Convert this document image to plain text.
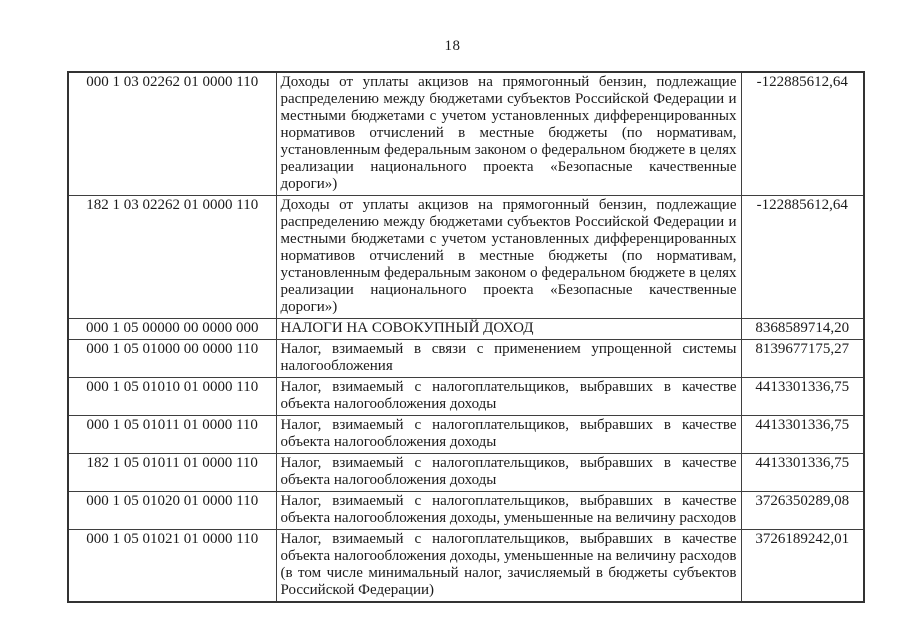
18
000 1 03 02262 01 0000 110	Доходы от уплаты акцизов на прямогонный бензин, подлежащие распределению между бюджетами субъектов Российской Федерации и местными бюджетами с учетом установленных дифференцированных нормативов отчислений в местные бюджеты (по нормативам, установленным федеральным законом о федеральном бюджете в целях реализации национального проекта «Безопасные качественные дороги»)	-122885612,64
182 1 03 02262 01 0000 110	Доходы от уплаты акцизов на прямогонный бензин, подлежащие распределению между бюджетами субъектов Российской Федерации и местными бюджетами с учетом установленных дифференцированных нормативов отчислений в местные бюджеты (по нормативам, установленным федеральным законом о федеральном бюджете в целях реализации национального проекта «Безопасные качественные дороги»)	-122885612,64
000 1 05 00000 00 0000 000	НАЛОГИ НА СОВОКУПНЫЙ ДОХОД	8368589714,20
000 1 05 01000 00 0000 110	Налог, взимаемый в связи с применением упрощенной системы налогообложения	8139677175,27
000 1 05 01010 01 0000 110	Налог, взимаемый с налогоплательщиков, выбравших в качестве объекта налогообложения доходы	4413301336,75
000 1 05 01011 01 0000 110	Налог, взимаемый с налогоплательщиков, выбравших в качестве объекта налогообложения доходы	4413301336,75
182 1 05 01011 01 0000 110	Налог, взимаемый с налогоплательщиков, выбравших в качестве объекта налогообложения доходы	4413301336,75
000 1 05 01020 01 0000 110	Налог, взимаемый с налогоплательщиков, выбравших в качестве объекта налогообложения доходы, уменьшенные на величину расходов	3726350289,08
000 1 05 01021 01 0000 110	Налог, взимаемый с налогоплательщиков, выбравших в качестве объекта налогообложения доходы, уменьшенные на величину расходов (в том числе минимальный налог, зачисляемый в бюджеты субъектов Российской Федерации)	3726189242,01
